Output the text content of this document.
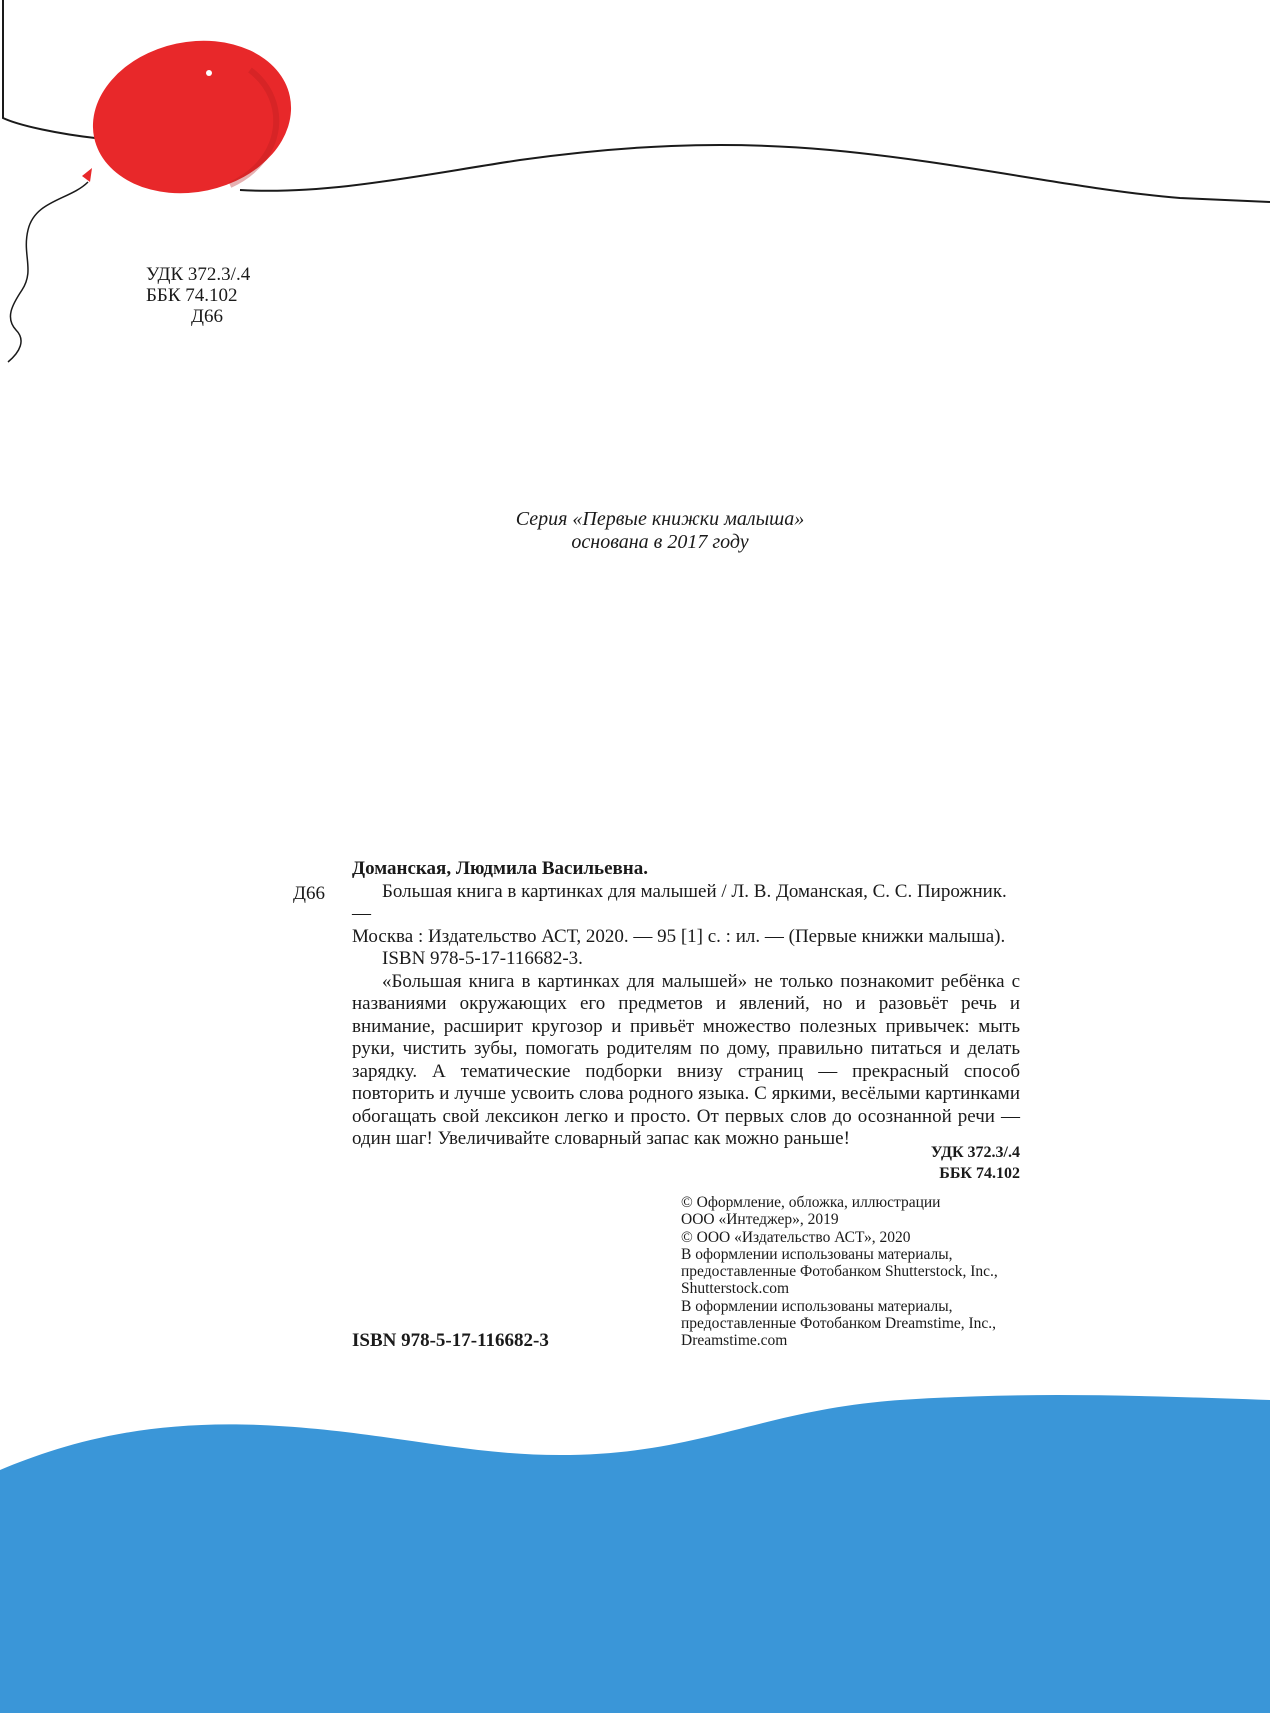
УДК 372.3/.4
ББК 74.102
Д66
Серия «Первые книжки малыша»
основана в 2017 году
Д66

Доманская, Людмила Васильевна.

Большая книга в картинках для малышей / Л. В. Доманская, С. С. Пирожник. —

Москва : Издательство АСТ, 2020. — 95 [1] с. : ил. — (Первые книжки малыша).

ISBN 978-5-17-116682-3.

«Большая книга в картинках для малышей» не только познакомит ребёнка с названиями окружающих его предметов и явлений, но и разовьёт речь и внимание, расширит кругозор и привьёт множество полезных привычек: мыть руки, чистить зубы, помогать родителям по дому, правильно питаться и делать зарядку. А тематические подборки внизу страниц — прекрасный способ повторить и лучше усвоить слова родного языка. С яркими, весёлыми картинками обогащать свой лексикон легко и просто. От первых слов до осознанной речи — один шаг! Увеличивайте словарный запас как можно раньше!

УДК 372.3/.4
ББК 74.102
© Оформление, обложка, иллюстрации
ООО «Интеджер», 2019
© ООО «Издательство АСТ», 2020
В оформлении использованы материалы,
предоставленные Фотобанком Shutterstock, Inc.,
Shutterstock.com
В оформлении использованы материалы,
предоставленные Фотобанком Dreamstime, Inc.,
Dreamstime.com
ISBN 978-5-17-116682-3
